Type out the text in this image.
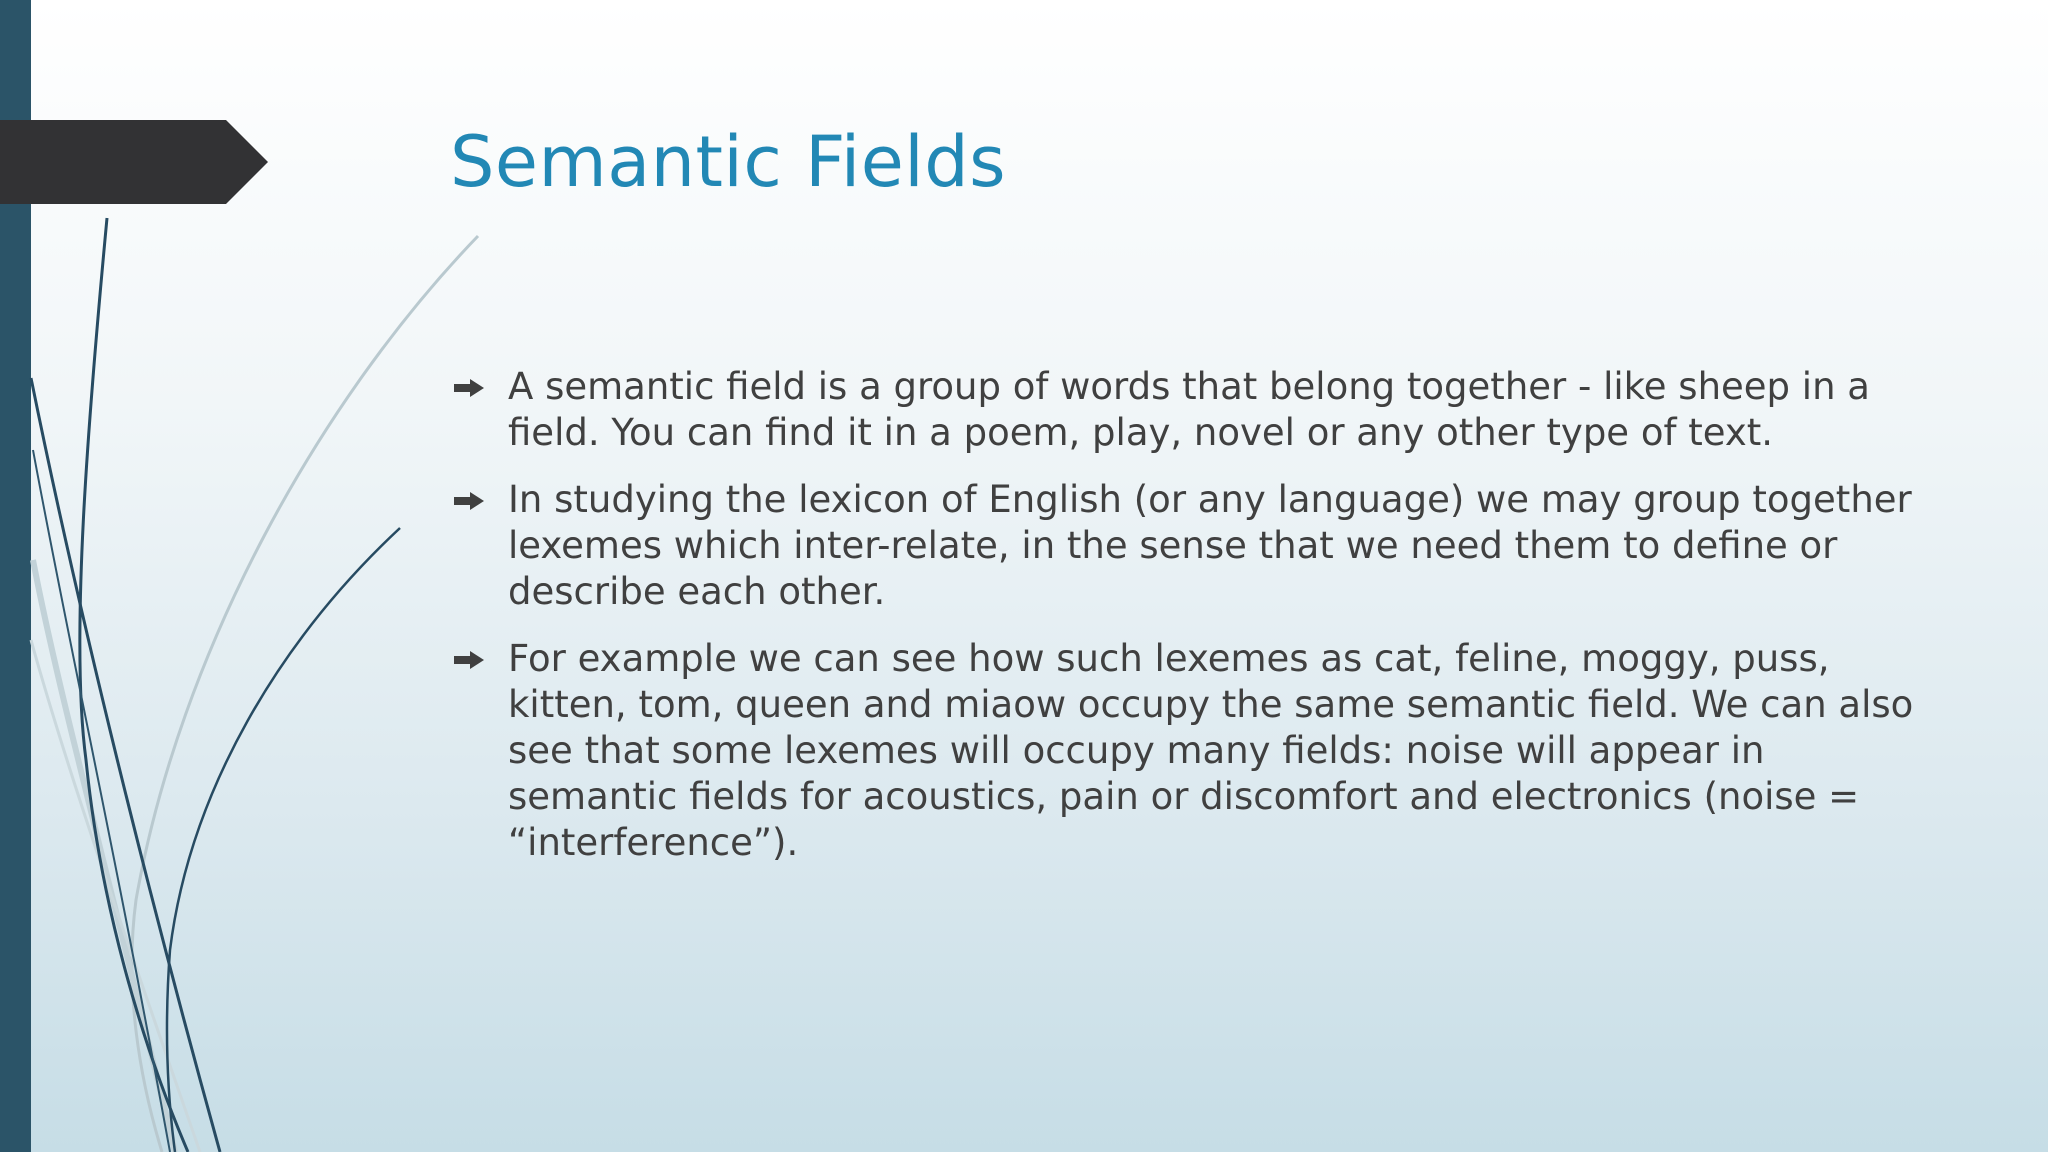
Semantic Fields
A semantic field is a group of words that belong together - like sheep in a field. You can find it in a poem, play, novel or any other type of text.
In studying the lexicon of English (or any language) we may group together lexemes which inter-relate, in the sense that we need them to define or describe each other.
For example we can see how such lexemes as cat, feline, moggy, puss, kitten, tom, queen and miaow occupy the same semantic field. We can also see that some lexemes will occupy many fields: noise will appear in semantic fields for acoustics, pain or discomfort and electronics (noise = “interference”).
